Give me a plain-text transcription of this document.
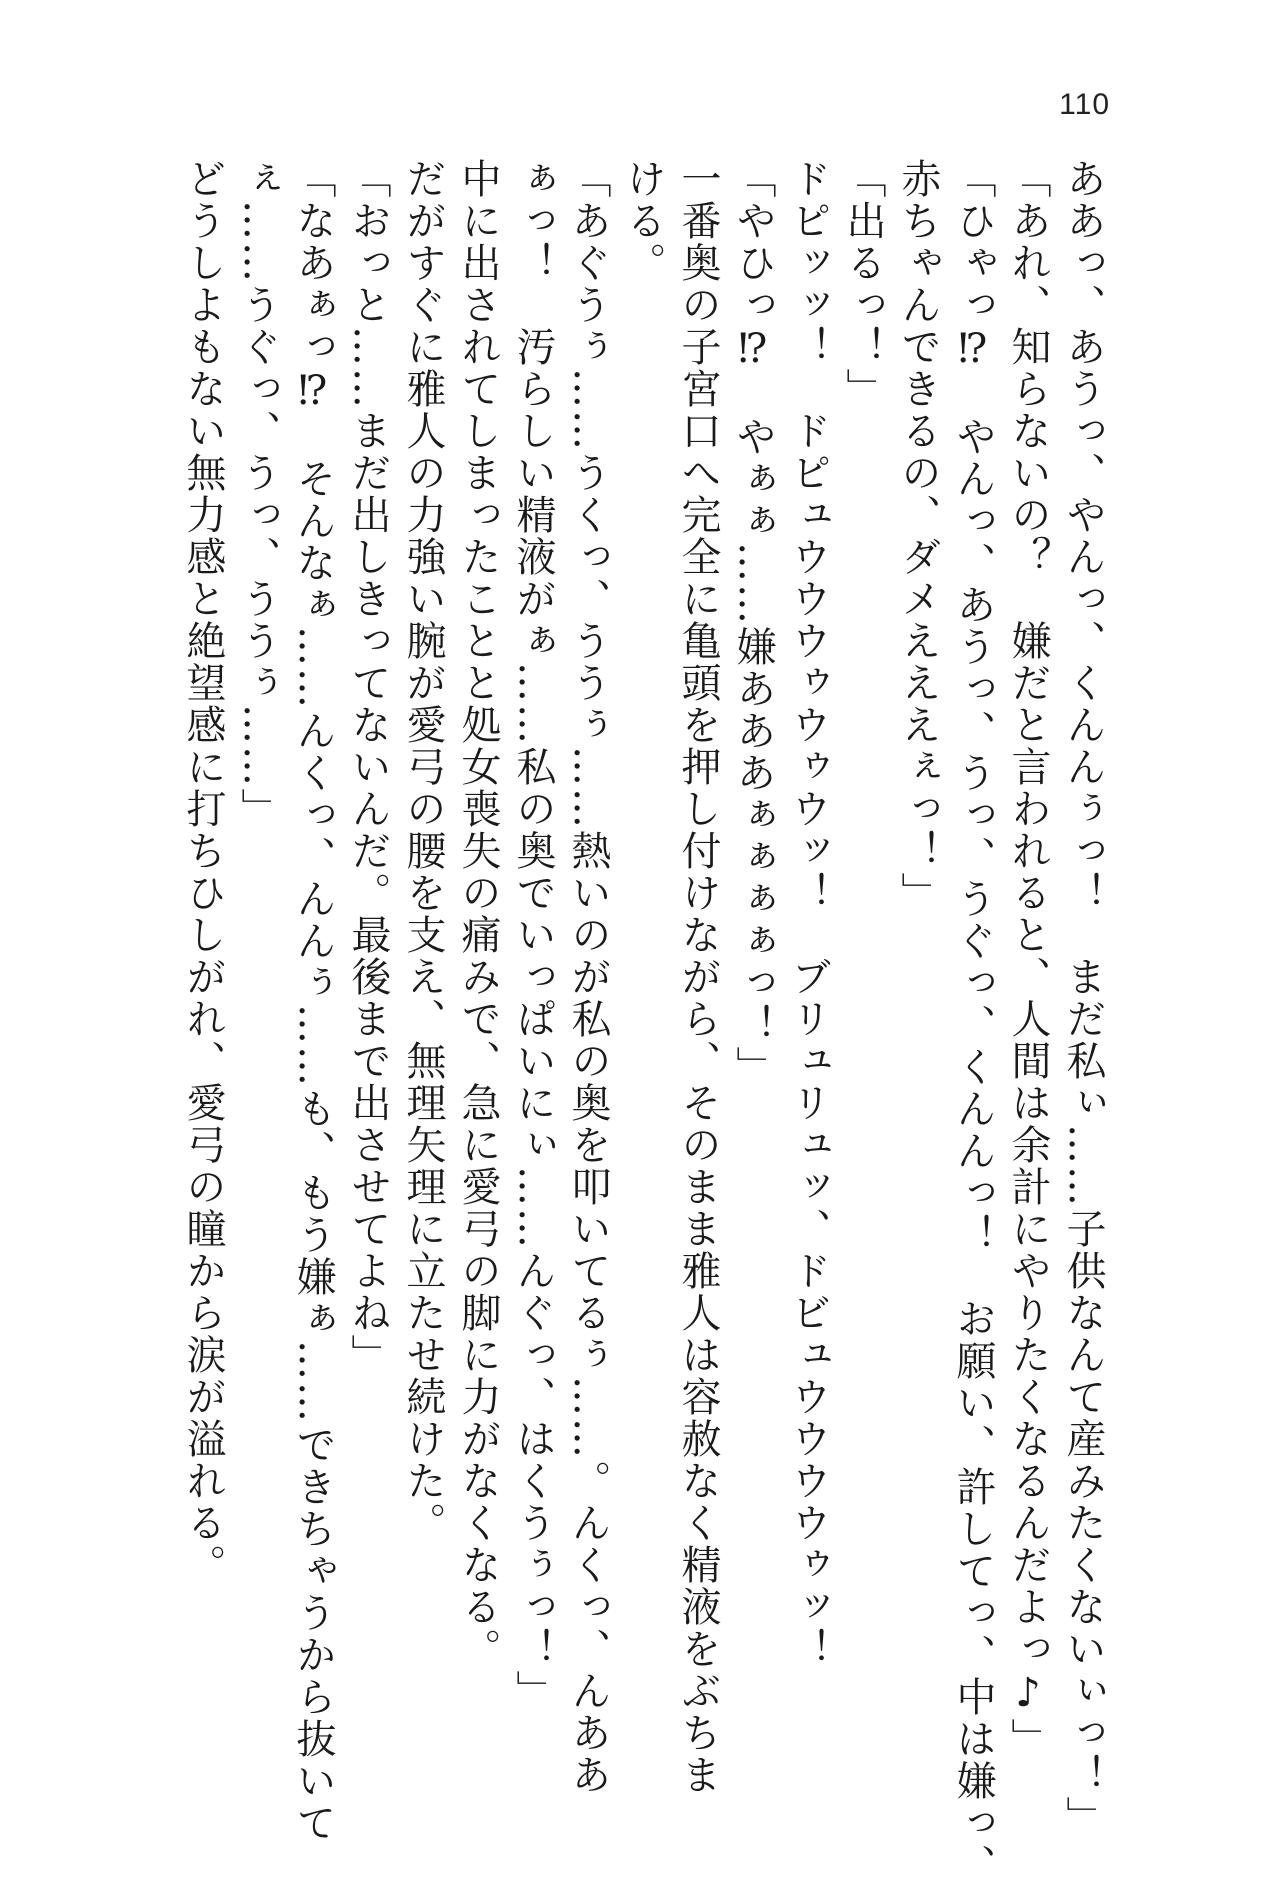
110

ああっ、あうっ、やんっ、くんんぅっ！　まだ私ぃ……子供なんて産みたくないぃっ！」

「あれ、知らないの？　嫌だと言われると、人間は余計にやりたくなるんだよっ♪」

「ひゃっ⁉　やんっ、あうっ、うっ、うぐっ、くんんっ！　お願い、許してっ、中は嫌っ、

赤ちゃんできるの、ダメえええぇっ！」

「出るっ！」

ドピッッ！　ドピュウウウゥウゥウッ！　ブリュリュッ、ドビュウウウウゥッ！

「やひっ⁉　やぁぁ……嫌あああぁぁぁぁっ！」

一番奥の子宮口へ完全に亀頭を押し付けながら、そのまま雅人は容赦なく精液をぶちま

ける。

「あぐうぅ……うくっ、ううぅ……熱いのが私の奥を叩いてるぅ……。んくっ、んああ

ぁっ！　汚らしい精液がぁ……私の奥でいっぱいにぃ……んぐっ、はくうぅっ！」

中に出されてしまったことと処女喪失の痛みで、急に愛弓の脚に力がなくなる。

だがすぐに雅人の力強い腕が愛弓の腰を支え、無理矢理に立たせ続けた。

「おっと……まだ出しきってないんだ。最後まで出させてよね」

「なあぁっ⁉　そんなぁ……んくっ、んんぅ……も、もう嫌ぁ……できちゃうから抜いて

ぇ……うぐっ、うっ、ううぅ……」

どうしよもない無力感と絶望感に打ちひしがれ、愛弓の瞳から涙が溢れる。
